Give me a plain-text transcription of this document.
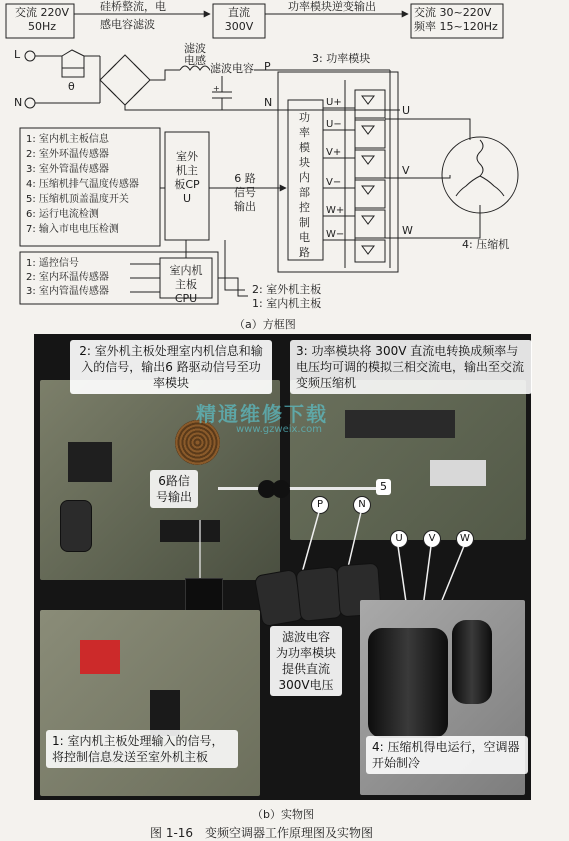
+
交流 220V
50Hz
硅桥整流，电
感电容滤波
直流
300V
功率模块逆变输出	交流 30~220V
频率 15~120Hz
L
N
θ
滤波
电感
滤波电容 P
N
3: 功率模块
功率模块内部控制电路
U+
U−
V+
V−
W+
W−
U
V
W
6 路
信号
输出
4: 压缩机
1: 室内机主板信息
2: 室外环温传感器
3: 室外管温传感器
4: 压缩机排气温度传感器
5: 压缩机顶盖温度开关
6: 运行电流检测
7: 输入市电电压检测
室外机主板CPU
1: 遥控信号
2: 室内环温传感器
3: 室内管温传感器
室内机主板CPU
2: 室外机主板
1: 室内机主板
（a）方框图
2: 室外机主板处理室内机信息和输入的信号，输出6 路驱动信号至功率模块
3: 功率模块将 300V 直流电转换成频率与电压均可调的模拟三相交流电，输出至交流变频压缩机
精通维修下载
www.gzweix.com
6路信
号输出
5
P	N
U	V	W
滤波电容
为功率模块
提供直流
300V电压
1: 室内机主板处理输入的信号，将控制信息发送至室外机主板
4: 压缩机得电运行，空调器开始制冷
（b）实物图
图 1-16　变频空调器工作原理图及实物图
